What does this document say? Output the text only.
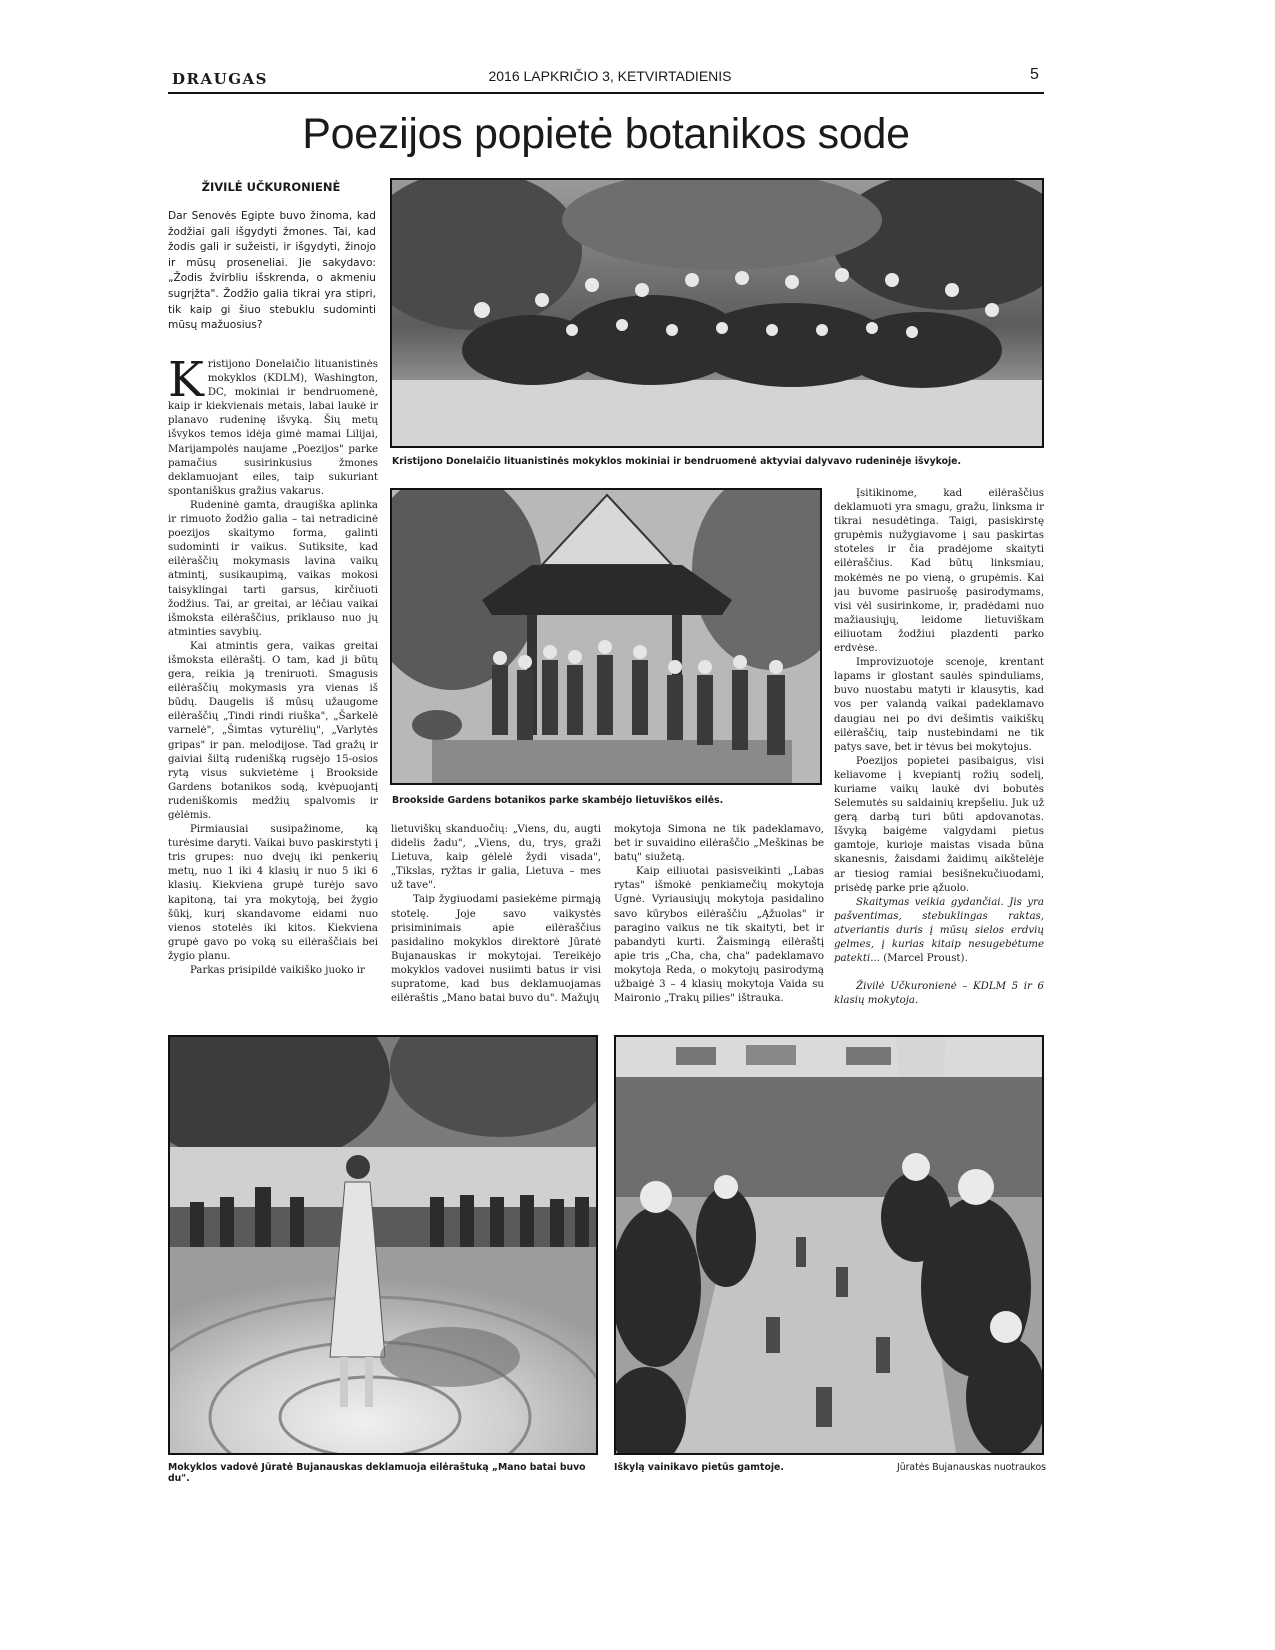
DRAUGAS	2016 LAPKRIČIO 3, KETVIRTADIENIS	5
Poezijos popietė botanikos sode
ŽIVILĖ UČKURONIENĖ
Dar Senovės Egipte buvo žinoma, kad žodžiai gali išgydyti žmones. Tai, kad žodis gali ir sužeisti, ir išgydyti, žinojo ir mūsų proseneliai. Jie sakydavo: „Žodis žvirbliu išskrenda, o akmeniu sugrįžta". Žodžio galia tikrai yra stipri, tik kaip gi šiuo stebuklu sudominti mūsų mažuosius?

Kristijono Donelaičio lituanistinės mokyklos (KDLM), Washington, DC, mokiniai ir bendruomenė, kaip ir kiekvienais metais, labai laukė ir planavo rudeninę išvyką. Šių metų išvykos temos idėja gimė mamai Lilijai, Marijampolės naujame „Poezijos" parke pamačius susirinkusius žmones deklamuojant eiles, taip sukuriant spontaniškus gražius vakarus.

Rudeninė gamta, draugiška aplinka ir rimuoto žodžio galia – tai netradicinė poezijos skaitymo forma, galinti sudominti ir vaikus. Sutiksite, kad eilėraščių mokymasis lavina vaikų atmintį, susikaupimą, vaikas mokosi taisyklingai tarti garsus, kirčiuoti žodžius. Tai, ar greitai, ar lėčiau vaikai išmoksta eilėraščius, priklauso nuo jų atminties savybių.

Kai atmintis gera, vaikas greitai išmoksta eilėraštį. O tam, kad ji būtų gera, reikia ją treniruoti. Smagusis eilėraščių mokymasis yra vienas iš būdų. Daugelis iš mūsų užaugome eilėraščių „Tindi rindi riuška", „Šarkelė varnelė", „Šimtas vyturėlių", „Varlytės gripas" ir pan. melodijose. Tad gražų ir gaiviai šiltą rudenišką rugsėjo 15-osios rytą visus sukvietėme į Brookside Gardens botanikos sodą, kvėpuojantį rudeniškomis medžių spalvomis ir gėlėmis.

Pirmiausiai susipažinome, ką turėsime daryti. Vaikai buvo paskirstyti į tris grupes: nuo dvejų iki penkerių metų, nuo 1 iki 4 klasių ir nuo 5 iki 6 klasių. Kiekviena grupė turėjo savo kapitoną, tai yra mokytoją, bei žygio šūkį, kurį skandavome eidami nuo vienos stotelės iki kitos. Kiekviena grupė gavo po voką su eilėraščiais bei žygio planu.

Parkas prisipildė vaikiško juoko ir

lietuviškų skanduočių: „Viens, du, augti didelis žadu", „Viens, du, trys, graži Lietuva, kaip gėlelė žydi visada", „Tikslas, ryžtas ir galia, Lietuva – mes už tave".

Taip žygiuodami pasiekėme pirmąją stotelę. Joje savo vaikystės prisiminimais apie eilėraščius pasidalino mokyklos direktorė Jūratė Bujanauskas ir mokytojai. Tereikėjo mokyklos vadovei nusiimti batus ir visi supratome, kad bus deklamuojamas eilėraštis „Mano batai buvo du". Mažųjų

mokytoja Simona ne tik padeklamavo, bet ir suvaidino eilėraščio „Meškinas be batų" siužetą.

Kaip eiliuotai pasisveikinti „Labas rytas" išmokė penkiamečių mokytoja Ugnė. Vyriausiųjų mokytoja pasidalino savo kūrybos eilėraščiu „Ąžuolas" ir paragino vaikus ne tik skaityti, bet ir pabandyti kurti. Žaismingą eilėraštį apie tris „Cha, cha, cha" padeklamavo mokytoja Reda, o mokytojų pasirodymą užbaigė 3 – 4 klasių mokytoja Vaida su Maironio „Trakų pilies" ištrauka.

Įsitikinome, kad eilėraščius deklamuoti yra smagu, gražu, linksma ir tikrai nesudėtinga. Taigi, pasiskirstę grupėmis nužygiavome į sau paskirtas stoteles ir čia pradėjome skaityti eilėraščius. Kad būtų linksmiau, mokėmės ne po vieną, o grupėmis. Kai jau buvome pasiruošę pasirodymams, visi vėl susirinkome, ir, pradėdami nuo mažiausiųjų, leidome lietuviškam eiliuotam žodžiui plazdenti parko erdvėse.

Improvizuotoje scenoje, krentant lapams ir glostant saulės spinduliams, buvo nuostabu matyti ir klausytis, kad vos per valandą vaikai padeklamavo daugiau nei po dvi dešimtis vaikiškų eilėraščių, taip nustebindami ne tik patys save, bet ir tėvus bei mokytojus.

Poezijos popietei pasibaigus, visi keliavome į kvepiantį rožių sodelį, kuriame vaikų laukė dvi bobutės Selemutės su saldainių krepšeliu. Juk už gerą darbą turi būti apdovanotas. Išvyką baigėme valgydami pietus gamtoje, kurioje maistas visada būna skanesnis, žaisdami žaidimų aikštelėje ar tiesiog ramiai besišnekučiuodami, prisėdę parke prie ąžuolo.

Skaitymas veikia gydančiai. Jis yra pašventimas, stebuklingas raktas, atveriantis duris į mūsų sielos erdvių gelmes, į kurias kitaip nesugebėtume patekti... (Marcel Proust).

Živilė Učkuronienė – KDLM 5 ir 6 klasių mokytoja.

Kristijono Donelaičio lituanistinės mokyklos mokiniai ir bendruomenė aktyviai dalyvavo rudeninėje išvykoje.
Brookside Gardens botanikos parke skambėjo lietuviškos eilės.
Mokyklos vadovė Jūratė Bujanauskas deklamuoja eilėraštuką „Mano batai buvo du".
Iškylą vainikavo pietūs gamtoje.	Jūratės Bujanauskas nuotraukos
